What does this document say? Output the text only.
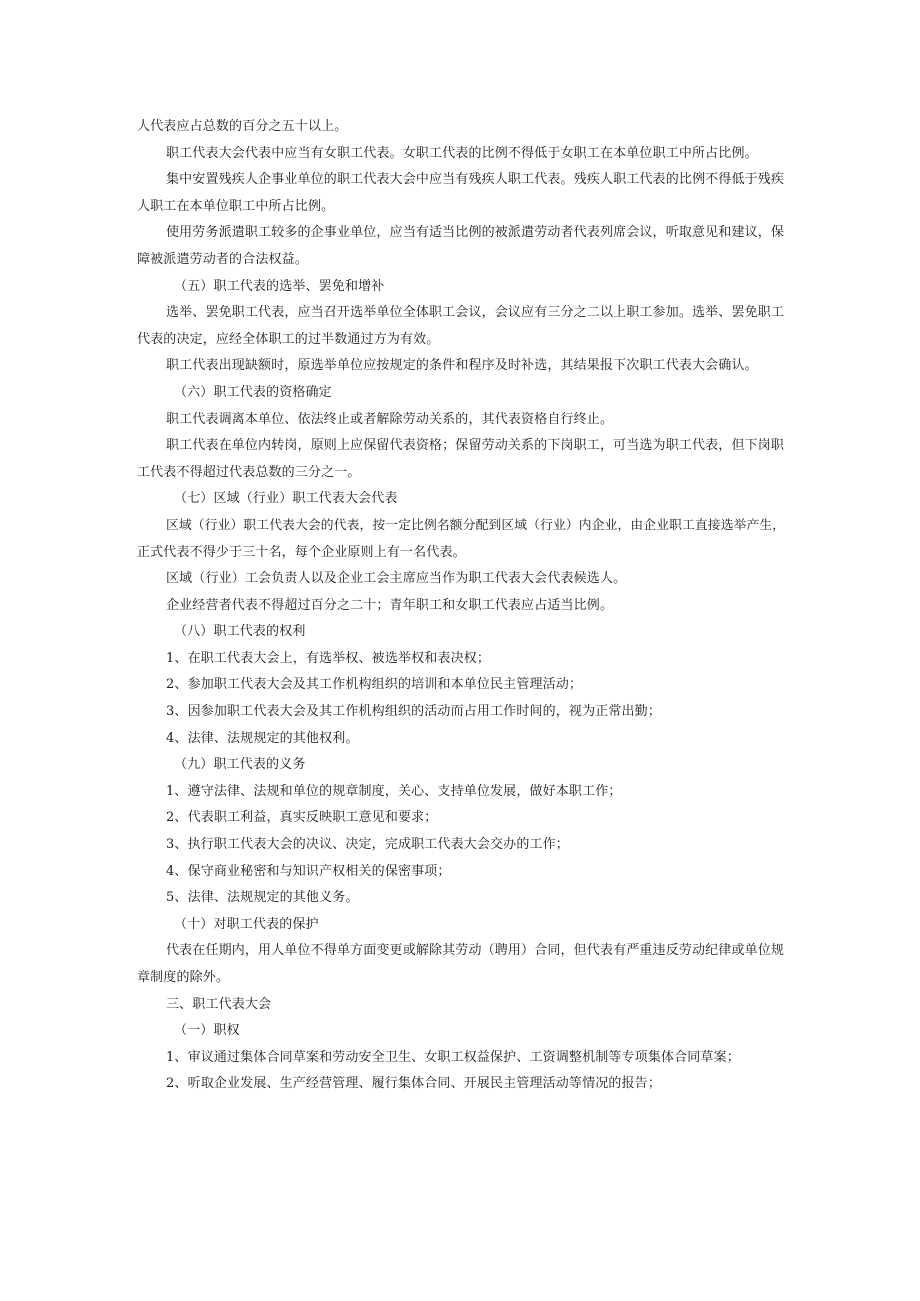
人代表应占总数的百分之五十以上。

职工代表大会代表中应当有女职工代表。女职工代表的比例不得低于女职工在本单位职工中所占比例。

集中安置残疾人企事业单位的职工代表大会中应当有残疾人职工代表。残疾人职工代表的比例不得低于残疾

人职工在本单位职工中所占比例。

使用劳务派遣职工较多的企事业单位，应当有适当比例的被派遣劳动者代表列席会议，听取意见和建议，保

障被派遣劳动者的合法权益。

（五）职工代表的选举、罢免和增补

选举、罢免职工代表，应当召开选举单位全体职工会议，会议应有三分之二以上职工参加。选举、罢免职工

代表的决定，应经全体职工的过半数通过方为有效。

职工代表出现缺额时，原选举单位应按规定的条件和程序及时补选，其结果报下次职工代表大会确认。

（六）职工代表的资格确定

职工代表调离本单位、依法终止或者解除劳动关系的，其代表资格自行终止。

职工代表在单位内转岗，原则上应保留代表资格；保留劳动关系的下岗职工，可当选为职工代表，但下岗职

工代表不得超过代表总数的三分之一。

（七）区域（行业）职工代表大会代表

区域（行业）职工代表大会的代表，按一定比例名额分配到区域（行业）内企业，由企业职工直接选举产生，

正式代表不得少于三十名，每个企业原则上有一名代表。

区域（行业）工会负责人以及企业工会主席应当作为职工代表大会代表候选人。

企业经营者代表不得超过百分之二十；青年职工和女职工代表应占适当比例。

（八）职工代表的权利

1、在职工代表大会上，有选举权、被选举权和表决权；

2、参加职工代表大会及其工作机构组织的培训和本单位民主管理活动；

3、因参加职工代表大会及其工作机构组织的活动而占用工作时间的，视为正常出勤；

4、法律、法规规定的其他权利。

（九）职工代表的义务

1、遵守法律、法规和单位的规章制度，关心、支持单位发展，做好本职工作；

2、代表职工利益，真实反映职工意见和要求；

3、执行职工代表大会的决议、决定，完成职工代表大会交办的工作；

4、保守商业秘密和与知识产权相关的保密事项；

5、法律、法规规定的其他义务。

（十）对职工代表的保护

代表在任期内，用人单位不得单方面变更或解除其劳动（聘用）合同，但代表有严重违反劳动纪律或单位规

章制度的除外。

三、职工代表大会

（一）职权

1、审议通过集体合同草案和劳动安全卫生、女职工权益保护、工资调整机制等专项集体合同草案；

2、听取企业发展、生产经营管理、履行集体合同、开展民主管理活动等情况的报告；
